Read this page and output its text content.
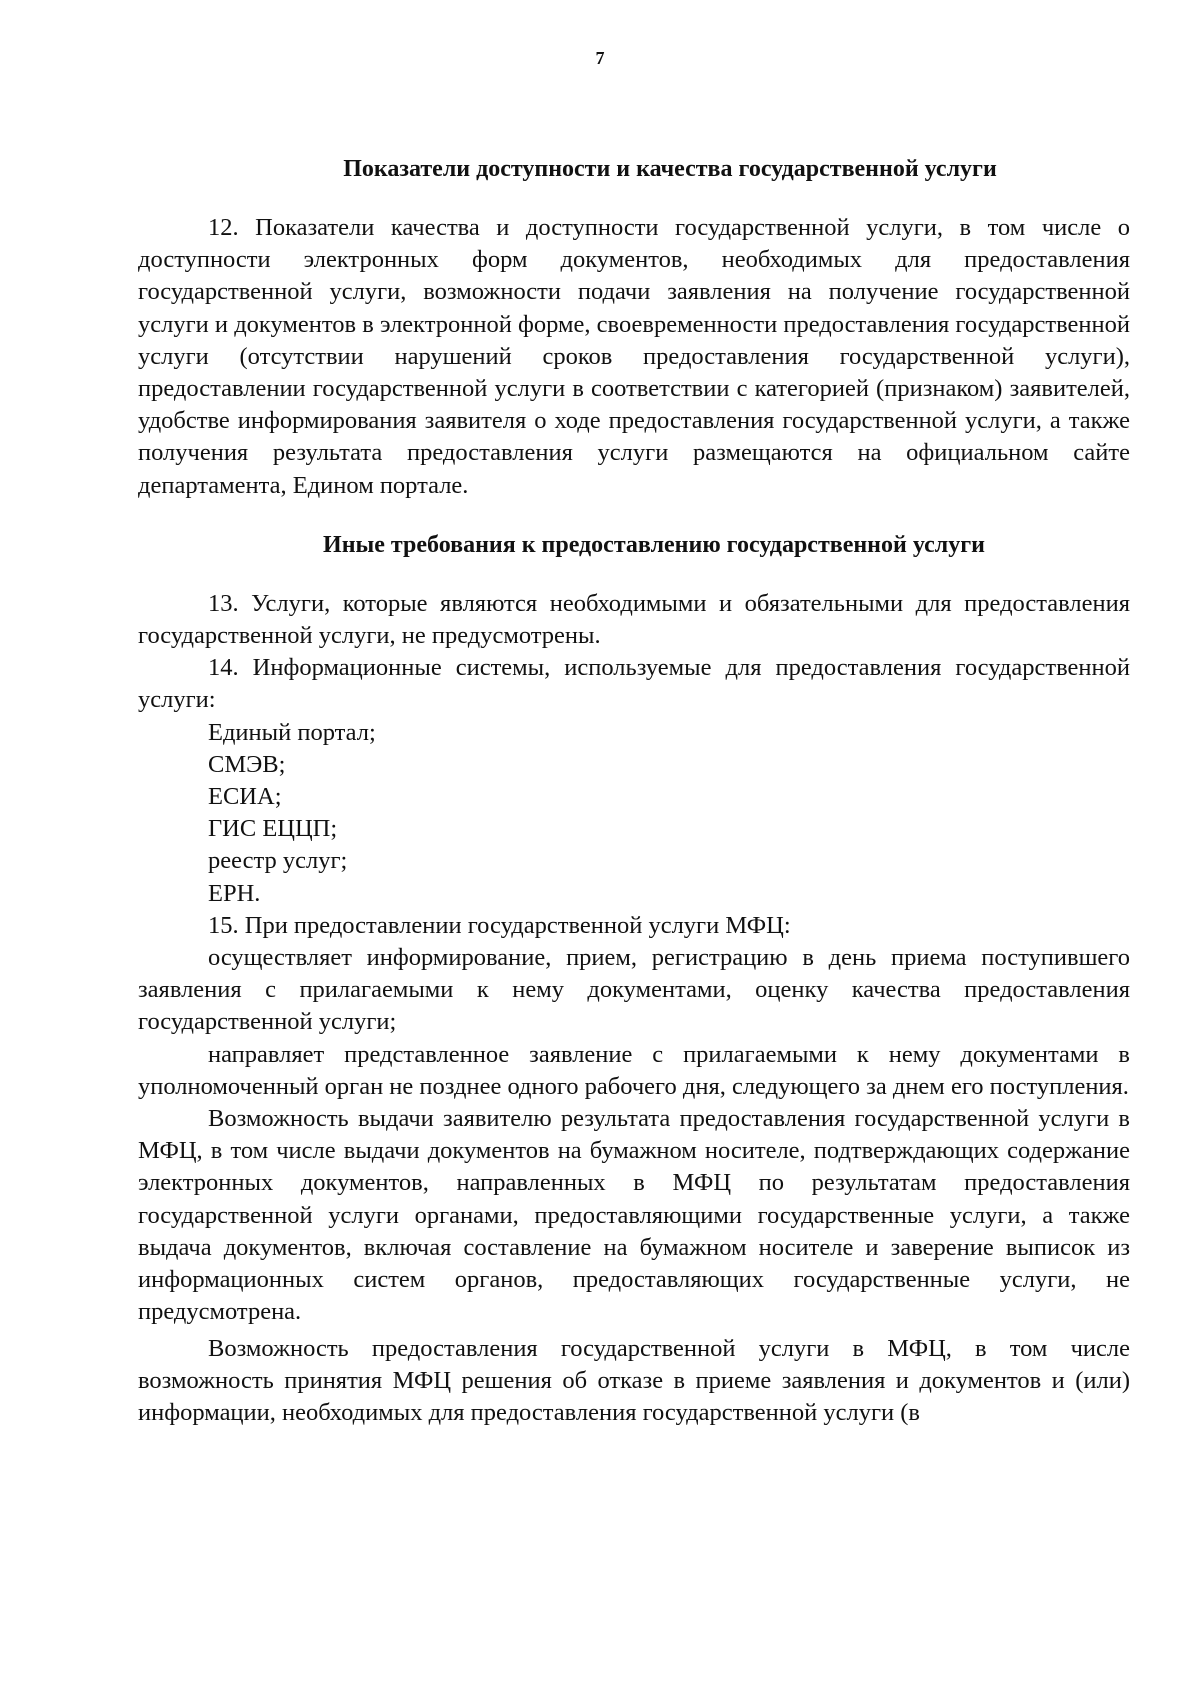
7
Показатели доступности и качества государственной услуги

12. Показатели качества и доступности государственной услуги, в том числе о доступности электронных форм документов, необходимых для предоставления государственной услуги, возможности подачи заявления на получение государственной услуги и документов в электронной форме, своевременности предоставления государственной услуги (отсутствии нарушений сроков предоставления государственной услуги), предоставлении государственной услуги в соответствии с категорией (признаком) заявителей, удобстве информирования заявителя о ходе предоставления государственной услуги, а также получения результата предоставления услуги размещаются на официальном сайте департамента, Едином портале.

Иные требования к предоставлению государственной услуги

13. Услуги, которые являются необходимыми и обязательными для предоставления государственной услуги, не предусмотрены.

14. Информационные системы, используемые для предоставления государственной услуги:

Единый портал;

СМЭВ;

ЕСИА;

ГИС ЕЦЦП;

реестр услуг;

ЕРН.

15. При предоставлении государственной услуги МФЦ:

осуществляет информирование, прием, регистрацию в день приема поступившего заявления с прилагаемыми к нему документами, оценку качества предоставления государственной услуги;

направляет представленное заявление с прилагаемыми к нему документами в уполномоченный орган не позднее одного рабочего дня, следующего за днем его поступления.

Возможность выдачи заявителю результата предоставления государственной услуги в МФЦ, в том числе выдачи документов на бумажном носителе, подтверждающих содержание электронных документов, направленных в МФЦ по результатам предоставления государственной услуги органами, предоставляющими государственные услуги, а также выдача документов, включая составление на бумажном носителе и заверение выписок из информационных систем органов, предоставляющих государственные услуги, не предусмотрена.

Возможность предоставления государственной услуги в МФЦ, в том числе возможность принятия МФЦ решения об отказе в приеме заявления и документов и (или) информации, необходимых для предоставления государственной услуги (в
